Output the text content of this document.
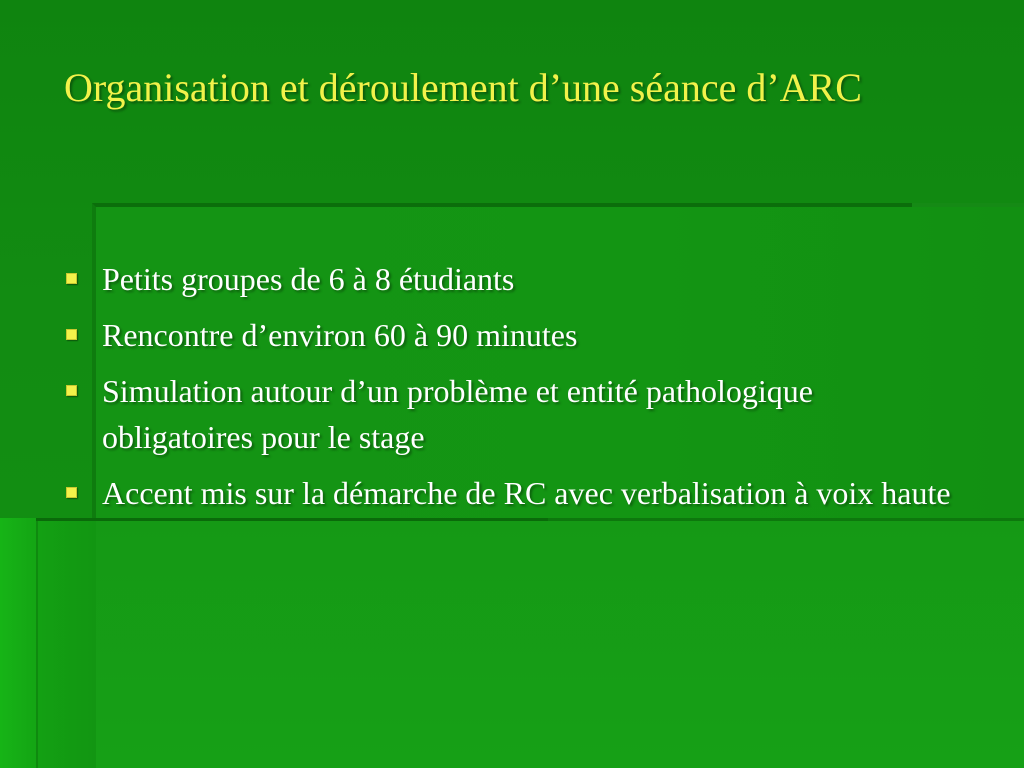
Organisation et déroulement d’une séance d’ARC
Petits groupes de 6 à 8 étudiants
Rencontre d’environ 60 à 90 minutes
Simulation autour d’un problème et entité pathologique obligatoires pour le stage
Accent mis sur la démarche de RC avec verbalisation à voix haute
